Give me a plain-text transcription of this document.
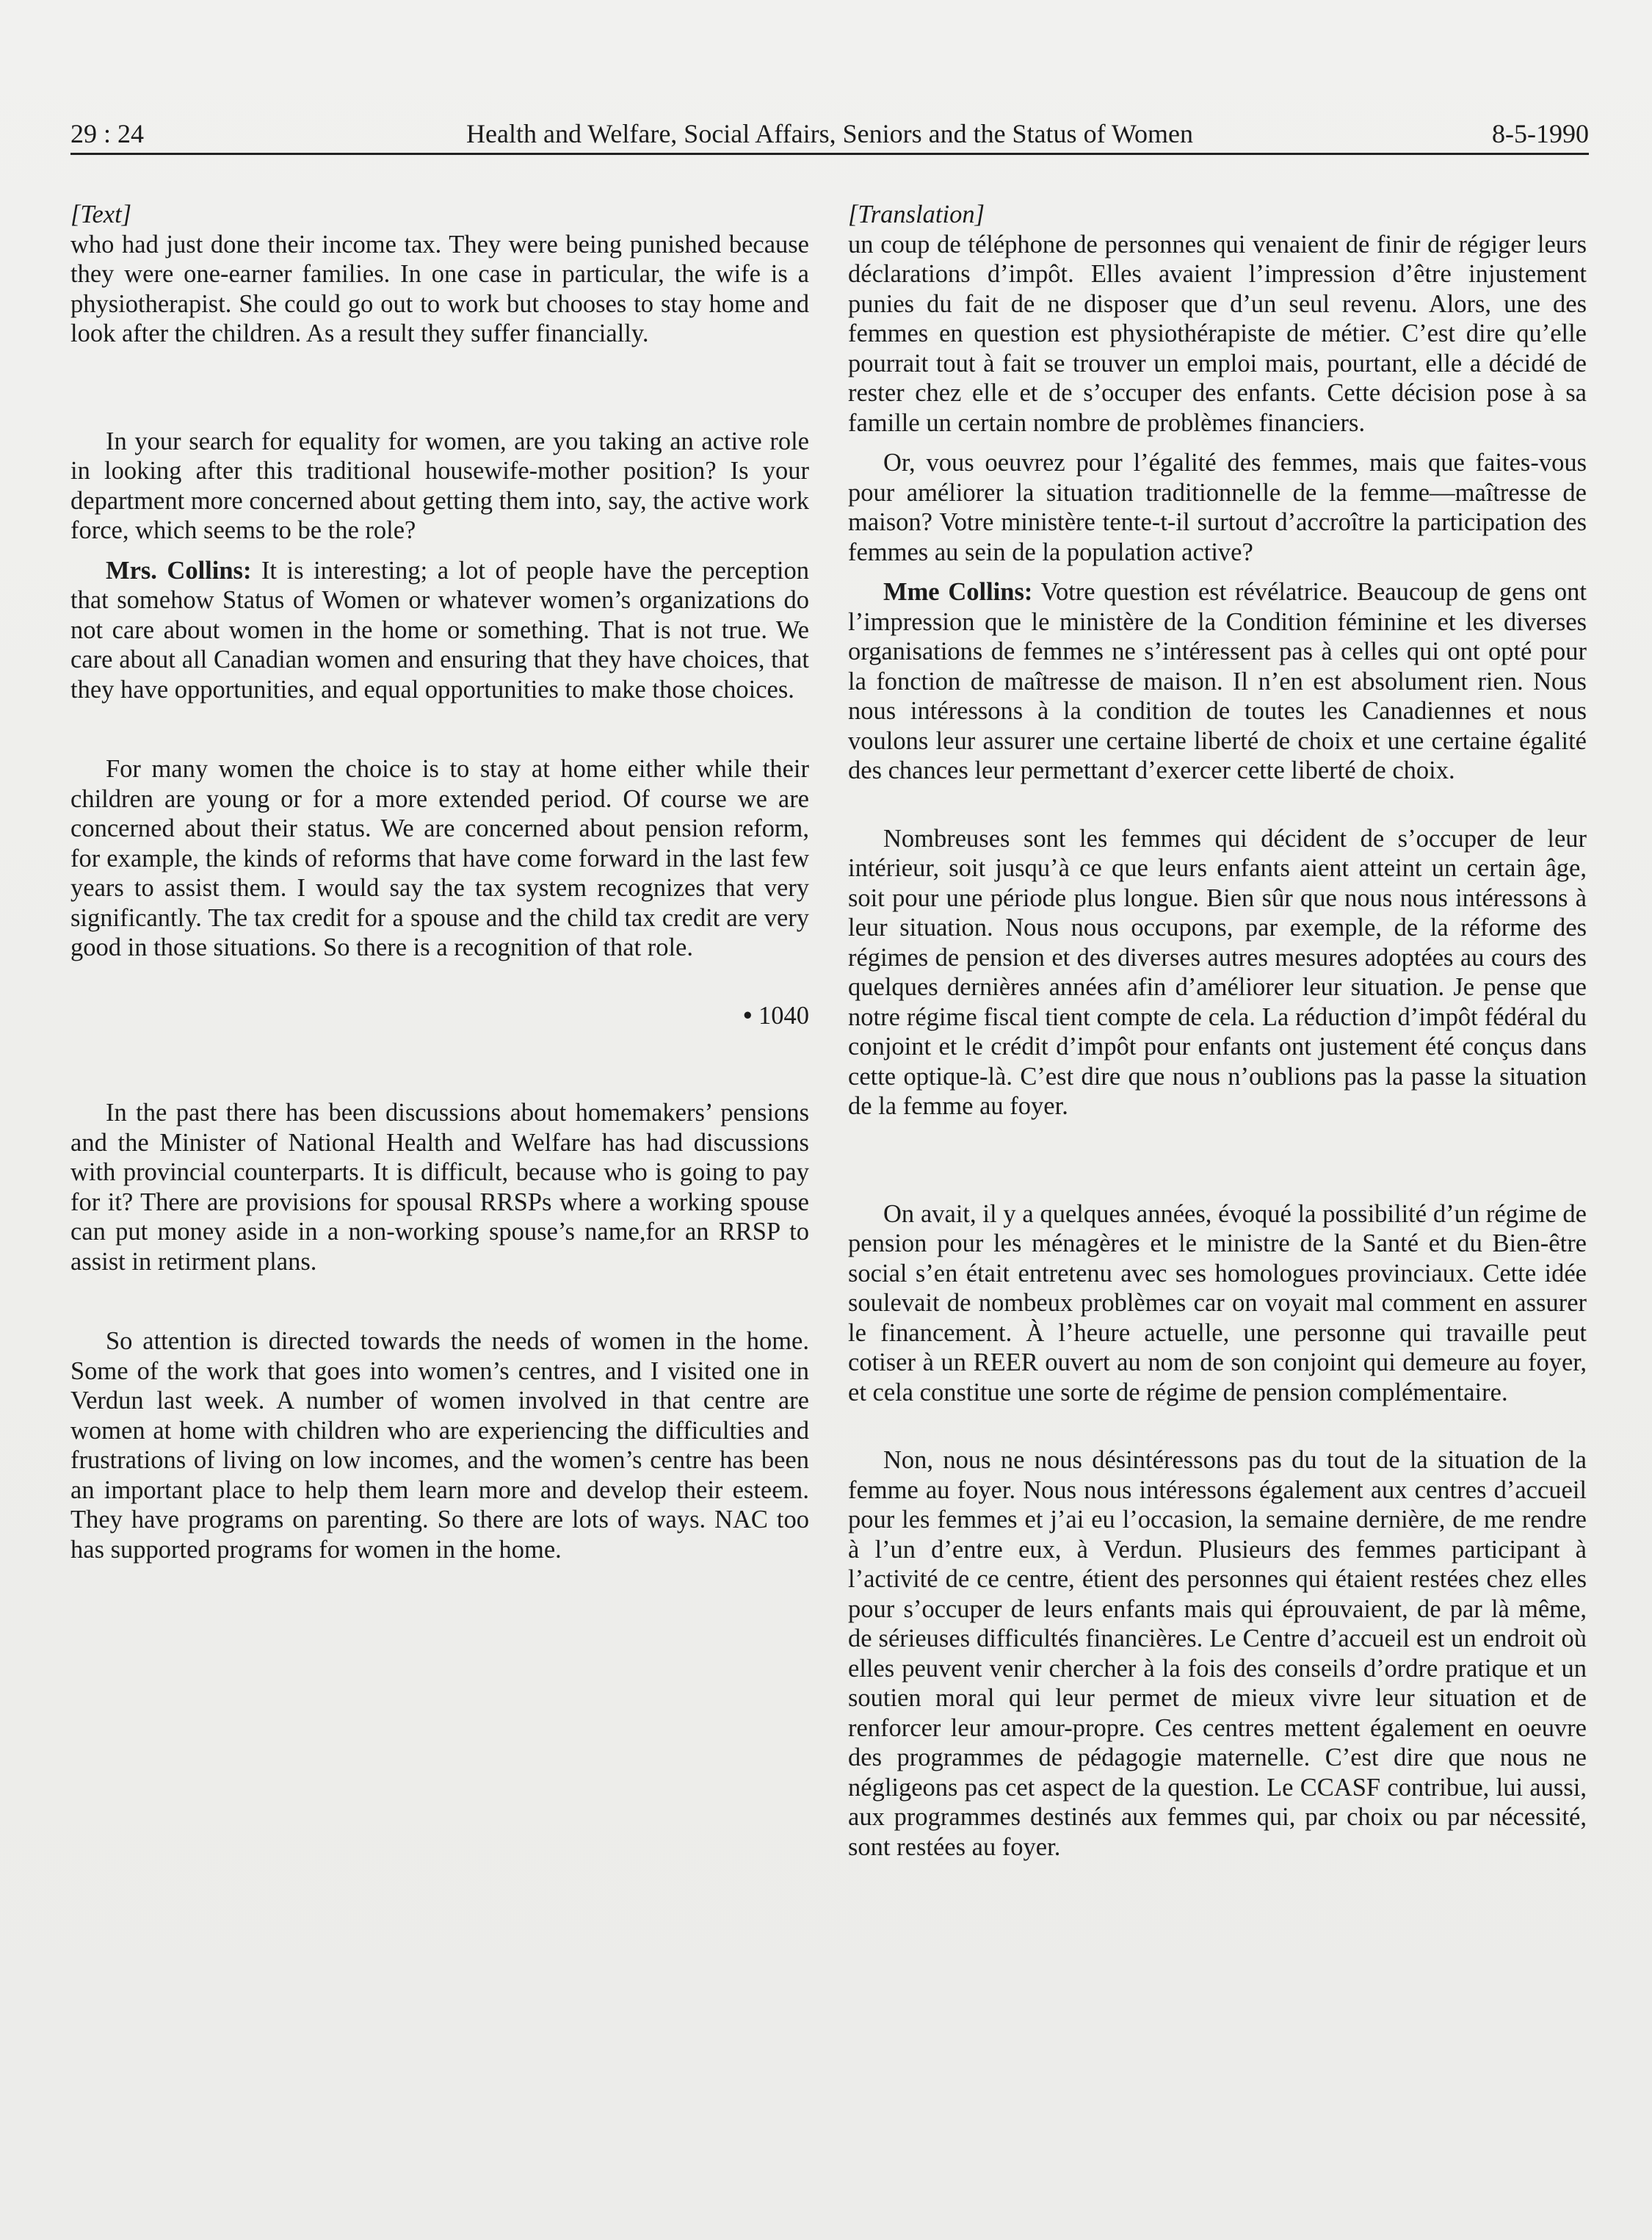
29 : 24	Health and Welfare, Social Affairs, Seniors and the Status of Women	8-5-1990

[Text]

who had just done their income tax. They were being punished because they were one-earner families. In one case in particular, the wife is a physiotherapist. She could go out to work but chooses to stay home and look after the children. As a result they suffer financially.

In your search for equality for women, are you taking an active role in looking after this traditional housewife-mother position? Is your department more concerned about getting them into, say, the active work force, which seems to be the role?

Mrs. Collins: It is interesting; a lot of people have the perception that somehow Status of Women or whatever women’s organizations do not care about women in the home or something. That is not true. We care about all Canadian women and ensuring that they have choices, that they have opportunities, and equal opportunities to make those choices.

For many women the choice is to stay at home either while their children are young or for a more extended period. Of course we are concerned about their status. We are concerned about pension reform, for example, the kinds of reforms that have come forward in the last few years to assist them. I would say the tax system recognizes that very significantly. The tax credit for a spouse and the child tax credit are very good in those situations. So there is a recognition of that role.

• 1040

In the past there has been discussions about homemakers’ pensions and the Minister of National Health and Welfare has had discussions with provincial counterparts. It is difficult, because who is going to pay for it? There are provisions for spousal RRSPs where a working spouse can put money aside in a non-working spouse’s name,for an RRSP to assist in retirment plans.

So attention is directed towards the needs of women in the home. Some of the work that goes into women’s centres, and I visited one in Verdun last week. A number of women involved in that centre are women at home with children who are experiencing the difficulties and frustrations of living on low incomes, and the women’s centre has been an important place to help them learn more and develop their esteem. They have programs on parenting. So there are lots of ways. NAC too has supported programs for women in the home.

[Translation]

un coup de téléphone de personnes qui venaient de finir de régiger leurs déclarations d’impôt. Elles avaient l’impression d’être injustement punies du fait de ne disposer que d’un seul revenu. Alors, une des femmes en question est physiothérapiste de métier. C’est dire qu’elle pourrait tout à fait se trouver un emploi mais, pourtant, elle a décidé de rester chez elle et de s’occuper des enfants. Cette décision pose à sa famille un certain nombre de problèmes financiers.

Or, vous oeuvrez pour l’égalité des femmes, mais que faites-vous pour améliorer la situation traditionnelle de la femme—maîtresse de maison? Votre ministère tente-t-il surtout d’accroître la participation des femmes au sein de la population active?

Mme Collins: Votre question est révélatrice. Beaucoup de gens ont l’impression que le ministère de la Condition féminine et les diverses organisations de femmes ne s’intéressent pas à celles qui ont opté pour la fonction de maîtresse de maison. Il n’en est absolument rien. Nous nous intéressons à la condition de toutes les Canadiennes et nous voulons leur assurer une certaine liberté de choix et une certaine égalité des chances leur permettant d’exercer cette liberté de choix.

Nombreuses sont les femmes qui décident de s’occuper de leur intérieur, soit jusqu’à ce que leurs enfants aient atteint un certain âge, soit pour une période plus longue. Bien sûr que nous nous intéressons à leur situation. Nous nous occupons, par exemple, de la réforme des régimes de pension et des diverses autres mesures adoptées au cours des quelques dernières années afin d’améliorer leur situation. Je pense que notre régime fiscal tient compte de cela. La réduction d’impôt fédéral du conjoint et le crédit d’impôt pour enfants ont justement été conçus dans cette optique-là. C’est dire que nous n’oublions pas la passe la situation de la femme au foyer.

On avait, il y a quelques années, évoqué la possibilité d’un régime de pension pour les ménagères et le ministre de la Santé et du Bien-être social s’en était entretenu avec ses homologues provinciaux. Cette idée soulevait de nombeux problèmes car on voyait mal comment en assurer le financement. À l’heure actuelle, une personne qui travaille peut cotiser à un REER ouvert au nom de son conjoint qui demeure au foyer, et cela constitue une sorte de régime de pension complémentaire.

Non, nous ne nous désintéressons pas du tout de la situation de la femme au foyer. Nous nous intéressons également aux centres d’accueil pour les femmes et j’ai eu l’occasion, la semaine dernière, de me rendre à l’un d’entre eux, à Verdun. Plusieurs des femmes participant à l’activité de ce centre, étient des personnes qui étaient restées chez elles pour s’occuper de leurs enfants mais qui éprouvaient, de par là même, de sérieuses difficultés financières. Le Centre d’accueil est un endroit où elles peuvent venir chercher à la fois des conseils d’ordre pratique et un soutien moral qui leur permet de mieux vivre leur situation et de renforcer leur amour-propre. Ces centres mettent également en oeuvre des programmes de pédagogie maternelle. C’est dire que nous ne négligeons pas cet aspect de la question. Le CCASF contribue, lui aussi, aux programmes destinés aux femmes qui, par choix ou par nécessité, sont restées au foyer.
